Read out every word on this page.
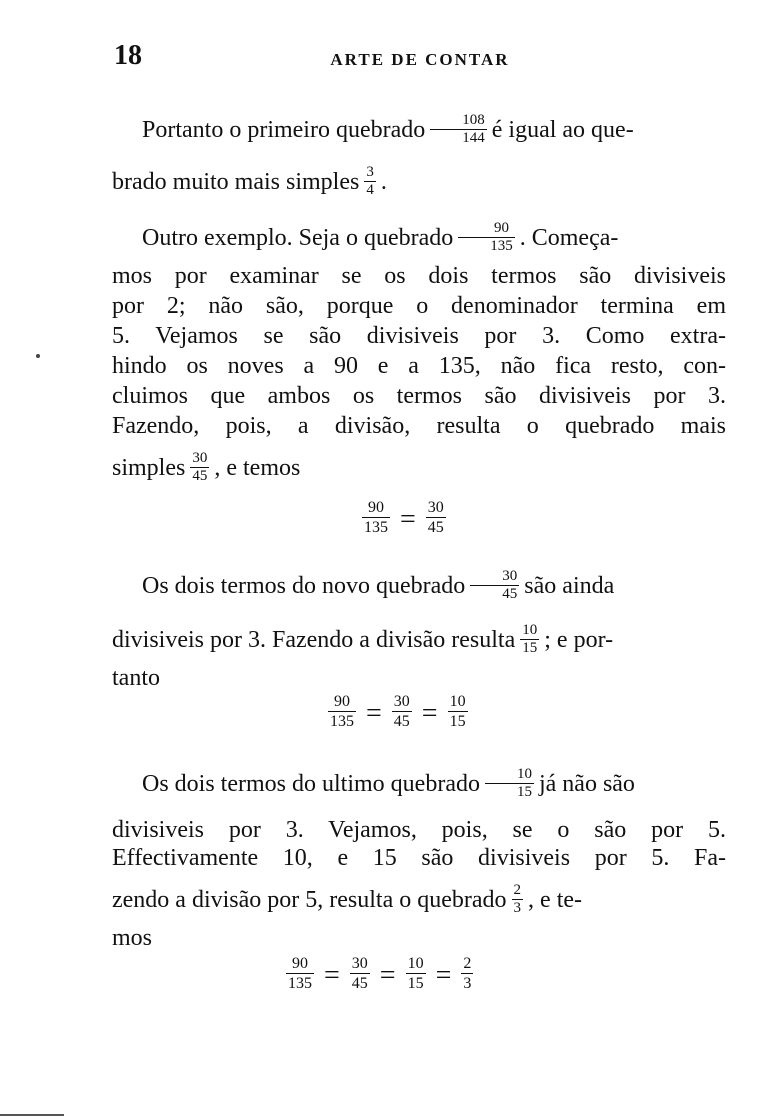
18	ARTE DE CONTAR
Portanto o primeiro quebrado $\frac{108}{144}$ é igual ao que-
brado muito mais simples $\frac{3}{4}$ .
Outro exemplo. Seja o quebrado $\frac{90}{135}$ . Começa-
mos por examinar se os dois termos são divisiveis
por 2; não são, porque o denominador termina em
5. Vejamos se são divisiveis por 3. Como extra-
hindo os noves a 90 e a 135, não fica resto, con-
cluimos que ambos os termos são divisiveis por 3.
Fazendo, pois, a divisão, resulta o quebrado mais
simples $\frac{30}{45}$ , e temos
$\frac{90}{135} = \frac{30}{45}$
Os dois termos do novo quebrado $\frac{30}{45}$ são ainda
divisiveis por 3. Fazendo a divisão resulta $\frac{10}{15}$ ; e por-
tanto
$\frac{90}{135} = \frac{30}{45} = \frac{10}{15}$
Os dois termos do ultimo quebrado $\frac{10}{15}$ já não são
divisiveis por 3. Vejamos, pois, se o são por 5.
Effectivamente 10, e 15 são divisiveis por 5. Fa-
zendo a divisão por 5, resulta o quebrado $\frac{2}{3}$ , e te-
mos
$\frac{90}{135} = \frac{30}{45} = \frac{10}{15} = \frac{2}{3}$
